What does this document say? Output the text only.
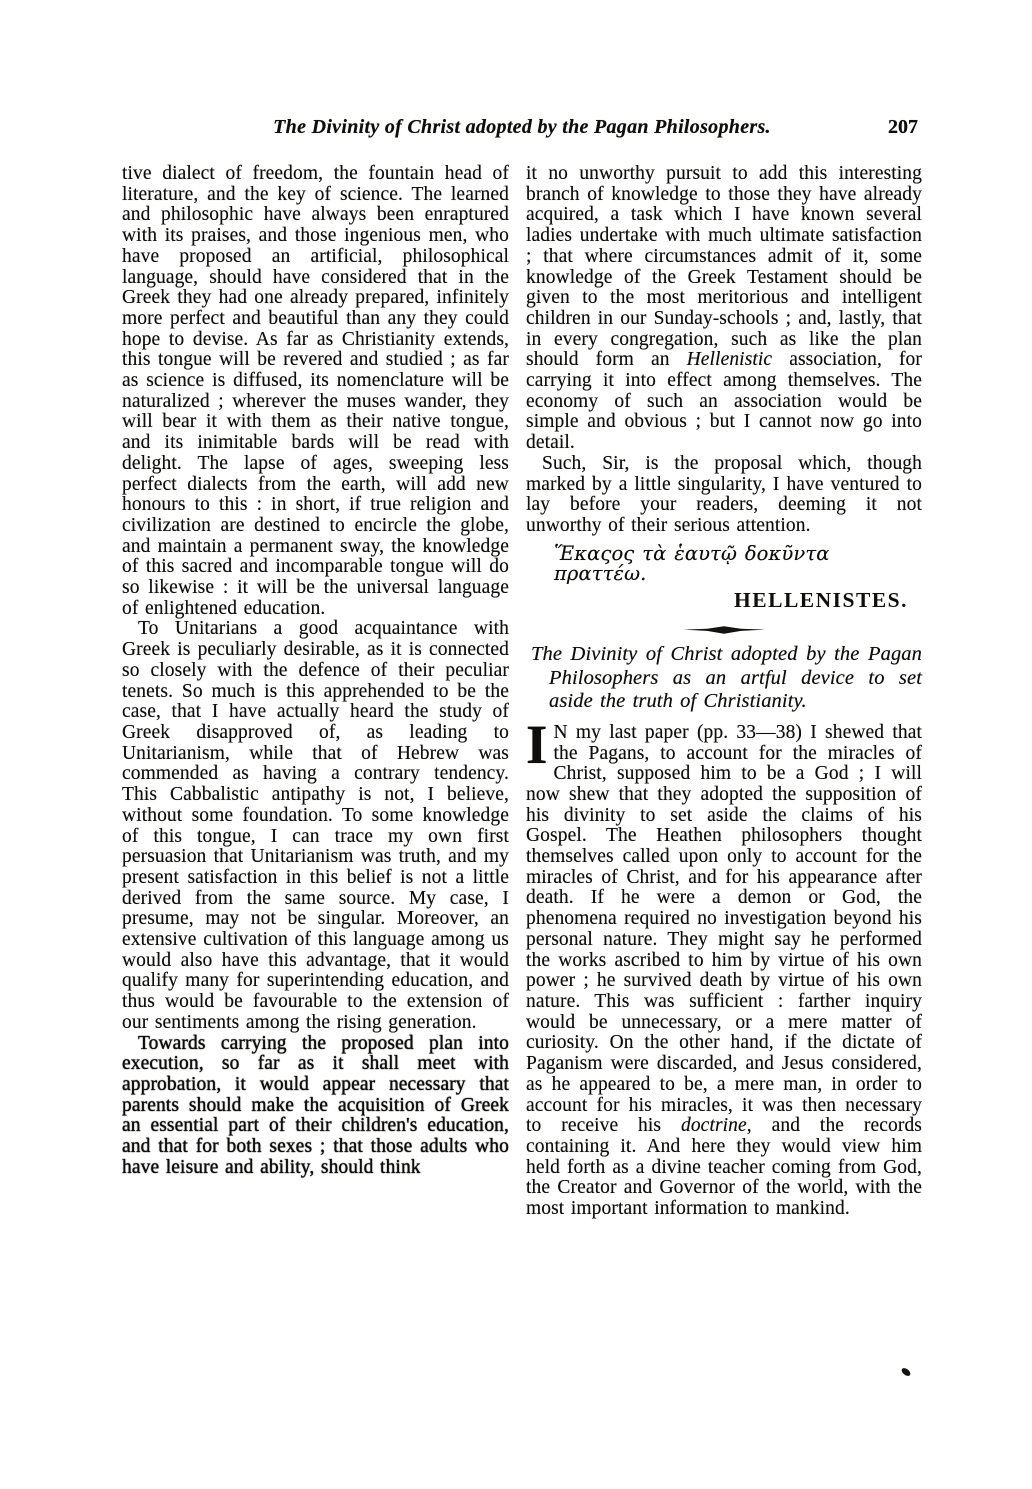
The Divinity of Christ adopted by the Pagan Philosophers.	207

tive dialect of freedom, the fountain head of literature, and the key of science. The learned and philosophic have always been enraptured with its praises, and those ingenious men, who have proposed an artificial, philosophical language, should have considered that in the Greek they had one already prepared, infinitely more perfect and beautiful than any they could hope to devise. As far as Christianity extends, this tongue will be revered and studied ; as far as science is diffused, its nomenclature will be naturalized ; wherever the muses wander, they will bear it with them as their native tongue, and its inimitable bards will be read with delight. The lapse of ages, sweeping less perfect dialects from the earth, will add new honours to this : in short, if true religion and civilization are destined to encircle the globe, and maintain a permanent sway, the knowledge of this sacred and incomparable tongue will do so likewise : it will be the universal language of enlightened education.

To Unitarians a good acquaintance with Greek is peculiarly desirable, as it is connected so closely with the defence of their peculiar tenets. So much is this apprehended to be the case, that I have actually heard the study of Greek disapproved of, as leading to Unitarianism, while that of Hebrew was commended as having a contrary tendency. This Cabbalistic antipathy is not, I believe, without some foundation. To some knowledge of this tongue, I can trace my own first persuasion that Unitarianism was truth, and my present satisfaction in this belief is not a little derived from the same source. My case, I presume, may not be singular. Moreover, an extensive cultivation of this language among us would also have this advantage, that it would qualify many for superintending education, and thus would be favourable to the extension of our sentiments among the rising generation.

Towards carrying the proposed plan into execution, so far as it shall meet with approbation, it would appear necessary that parents should make the acquisition of Greek an essential part of their children's education, and that for both sexes ; that those adults who have leisure and ability, should think

it no unworthy pursuit to add this interesting branch of knowledge to those they have already acquired, a task which I have known several ladies undertake with much ultimate satisfaction ; that where circumstances admit of it, some knowledge of the Greek Testament should be given to the most meritorious and intelligent children in our Sunday-schools ; and, lastly, that in every congregation, such as like the plan should form an Hellenistic association, for carrying it into effect among themselves. The economy of such an association would be simple and obvious ; but I cannot now go into detail.

Such, Sir, is the proposal which, though marked by a little singularity, I have ventured to lay before your readers, deeming it not unworthy of their serious attention.

Ἕκαςος τὰ ἑαυτῷ δοκῦντα πραττέω.

HELLENISTES.

The Divinity of Christ adopted by the Pagan Philosophers as an artful device to set aside the truth of Christianity.

I N my last paper (pp. 33—38) I shewed that the Pagans, to account for the miracles of Christ, supposed him to be a God ; I will now shew that they adopted the supposition of his divinity to set aside the claims of his Gospel. The Heathen philosophers thought themselves called upon only to account for the miracles of Christ, and for his appearance after death. If he were a demon or God, the phenomena required no investigation beyond his personal nature. They might say he performed the works ascribed to him by virtue of his own power ; he survived death by virtue of his own nature. This was sufficient : farther inquiry would be unnecessary, or a mere matter of curiosity. On the other hand, if the dictate of Paganism were discarded, and Jesus considered, as he appeared to be, a mere man, in order to account for his miracles, it was then necessary to receive his doctrine, and the records containing it. And here they would view him held forth as a divine teacher coming from God, the Creator and Governor of the world, with the most important information to mankind.
